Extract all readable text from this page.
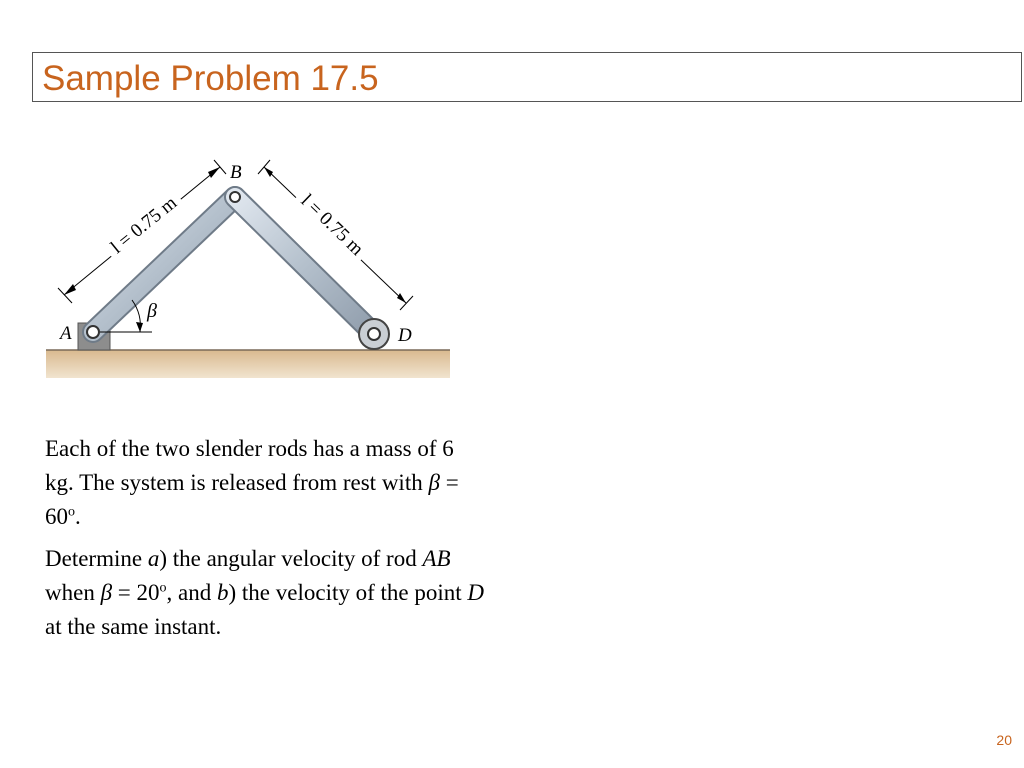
Sample Problem 17.5
l = 0.75 m	l = 0.75 m
β
A
B
D

Each of the two slender rods has a mass of 6 kg. The system is released from rest with $\beta = 60^o$.

Determine a) the angular velocity of rod AB when $\beta = 20^o$, and b) the velocity of the point D at the same instant.

20
